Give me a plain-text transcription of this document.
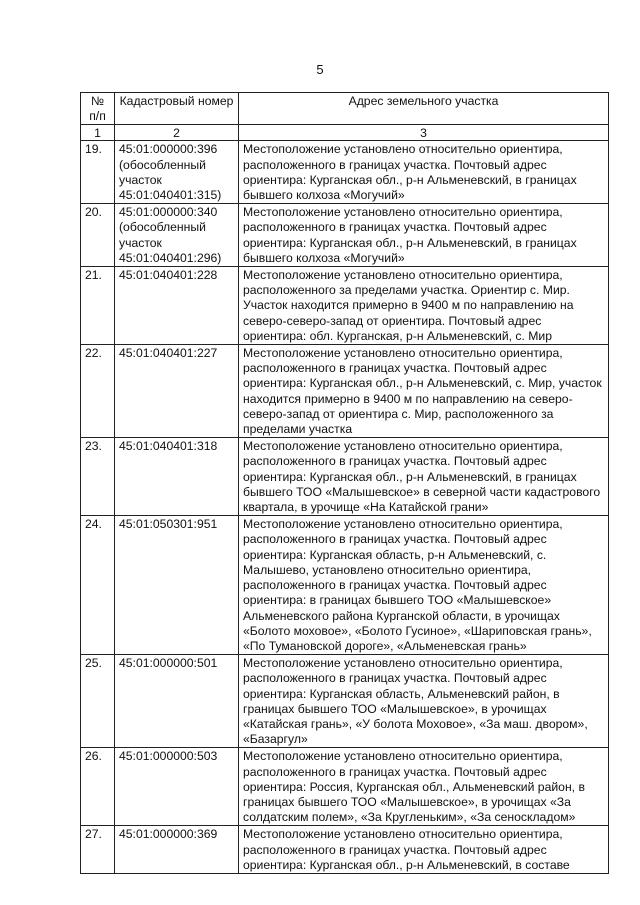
5
№
п/п	Кадастровый номер	Адрес земельного участка
1	2	3
19.	45:01:000000:396 (обособленный участок 45:01:040401:315)	Местоположение установлено относительно ориентира, расположенного в границах участка. Почтовый адрес ориентира: Курганская обл., р-н Альменевский, в границах бывшего колхоза «Могучий»
20.	45:01:000000:340 (обособленный участок 45:01:040401:296)	Местоположение установлено относительно ориентира, расположенного в границах участка. Почтовый адрес ориентира: Курганская обл., р-н Альменевский, в границах бывшего колхоза «Могучий»
21.	45:01:040401:228	Местоположение установлено относительно ориентира, расположенного за пределами участка. Ориентир с. Мир. Участок находится примерно в 9400 м по направлению на северо-северо-запад от ориентира. Почтовый адрес ориентира: обл. Курганская, р-н Альменевский, с. Мир
22.	45:01:040401:227	Местоположение установлено относительно ориентира, расположенного в границах участка. Почтовый адрес ориентира: Курганская обл., р-н Альменевский, с. Мир, участок находится примерно в 9400 м по направлению на северо-северо-запад от ориентира с. Мир, расположенного за пределами участка
23.	45:01:040401:318	Местоположение установлено относительно ориентира, расположенного в границах участка. Почтовый адрес ориентира: Курганская обл., р-н Альменевский, в границах бывшего ТОО «Малышевское» в северной части кадастрового квартала, в урочище «На Катайской грани»
24.	45:01:050301:951	Местоположение установлено относительно ориентира, расположенного в границах участка. Почтовый адрес ориентира: Курганская область, р-н Альменевский, с. Малышево, установлено относительно ориентира, расположенного в границах участка. Почтовый адрес ориентира: в границах бывшего ТОО «Малышевское» Альменевского района Курганской области, в урочищах «Болото моховое», «Болото Гусиное», «Шариповская грань», «По Тумановской дороге», «Альменевская грань»
25.	45:01:000000:501	Местоположение установлено относительно ориентира, расположенного в границах участка. Почтовый адрес ориентира: Курганская область, Альменевский район, в границах бывшего ТОО «Малышевское», в урочищах «Катайская грань», «У болота Моховое», «За маш. двором», «Базаргул»
26.	45:01:000000:503	Местоположение установлено относительно ориентира, расположенного в границах участка. Почтовый адрес ориентира: Россия, Курганская обл., Альменевский район, в границах бывшего ТОО «Малышевское», в урочищах «За солдатским полем», «За Кругленьким», «За сеноскладом»
27.	45:01:000000:369	Местоположение установлено относительно ориентира, расположенного в границах участка. Почтовый адрес ориентира: Курганская обл., р-н Альменевский, в составе
